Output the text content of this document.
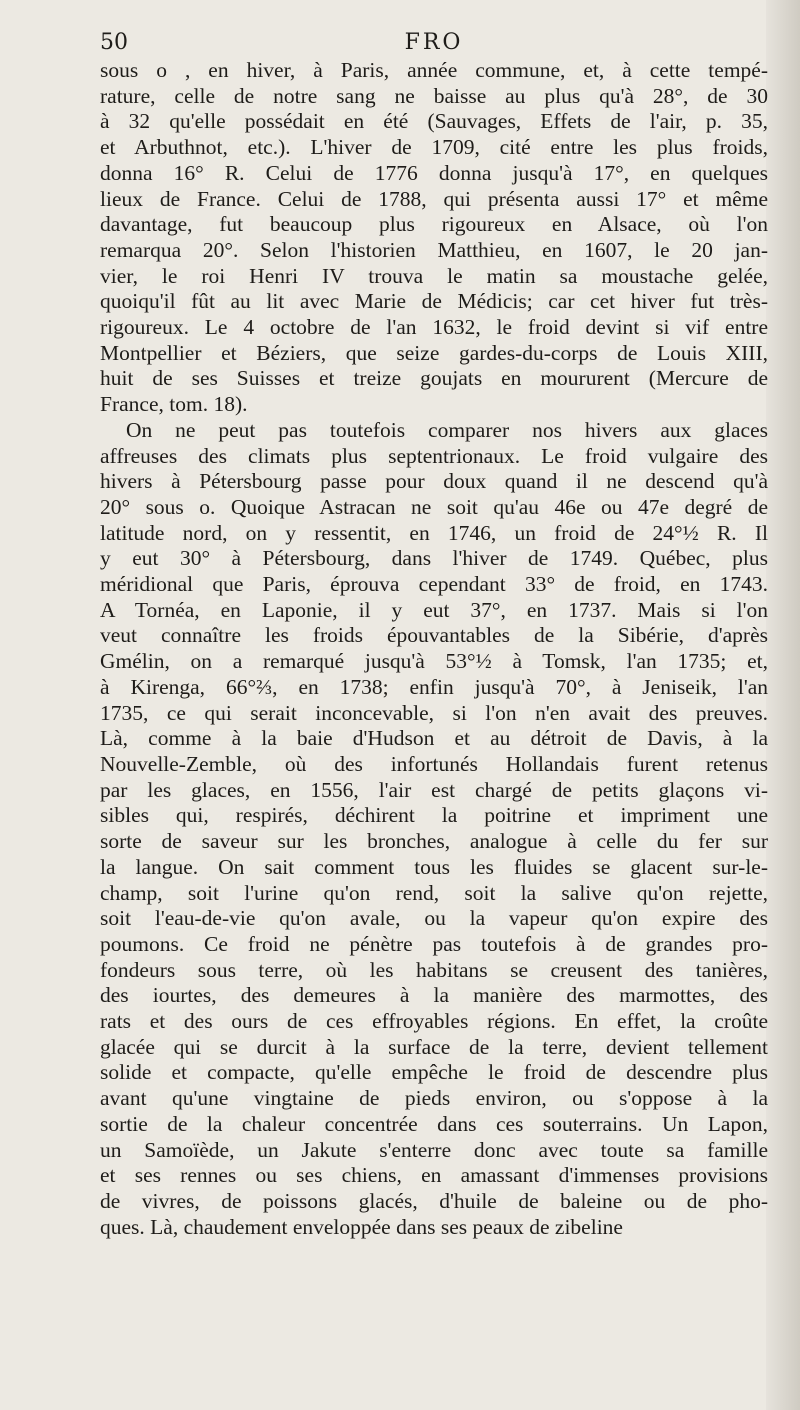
50	FRO

sous o , en hiver, à Paris, année commune, et, à cette tempé-
rature, celle de notre sang ne baisse au plus qu'à 28°, de 30
à 32 qu'elle possédait en été (Sauvages, Effets de l'air, p. 35,
et Arbuthnot, etc.). L'hiver de 1709, cité entre les plus froids,
donna 16° R. Celui de 1776 donna jusqu'à 17°, en quelques
lieux de France. Celui de 1788, qui présenta aussi 17° et même
davantage, fut beaucoup plus rigoureux en Alsace, où l'on
remarqua 20°. Selon l'historien Matthieu, en 1607, le 20 jan-
vier, le roi Henri IV trouva le matin sa moustache gelée,
quoiqu'il fût au lit avec Marie de Médicis; car cet hiver fut très-
rigoureux. Le 4 octobre de l'an 1632, le froid devint si vif entre
Montpellier et Béziers, que seize gardes-du-corps de Louis XIII,
huit de ses Suisses et treize goujats en moururent (Mercure de
France, tom. 18).

On ne peut pas toutefois comparer nos hivers aux glaces
affreuses des climats plus septentrionaux. Le froid vulgaire des
hivers à Pétersbourg passe pour doux quand il ne descend qu'à
20° sous o. Quoique Astracan ne soit qu'au 46e ou 47e degré de
latitude nord, on y ressentit, en 1746, un froid de 24°½ R. Il
y eut 30° à Pétersbourg, dans l'hiver de 1749. Québec, plus
méridional que Paris, éprouva cependant 33° de froid, en 1743.
A Tornéa, en Laponie, il y eut 37°, en 1737. Mais si l'on
veut connaître les froids épouvantables de la Sibérie, d'après
Gmélin, on a remarqué jusqu'à 53°½ à Tomsk, l'an 1735; et,
à Kirenga, 66°⅔, en 1738; enfin jusqu'à 70°, à Jeniseik, l'an
1735, ce qui serait inconcevable, si l'on n'en avait des preuves.
Là, comme à la baie d'Hudson et au détroit de Davis, à la
Nouvelle-Zemble, où des infortunés Hollandais furent retenus
par les glaces, en 1556, l'air est chargé de petits glaçons vi-
sibles qui, respirés, déchirent la poitrine et impriment une
sorte de saveur sur les bronches, analogue à celle du fer sur
la langue. On sait comment tous les fluides se glacent sur-le-
champ, soit l'urine qu'on rend, soit la salive qu'on rejette,
soit l'eau-de-vie qu'on avale, ou la vapeur qu'on expire des
poumons. Ce froid ne pénètre pas toutefois à de grandes pro-
fondeurs sous terre, où les habitans se creusent des tanières,
des iourtes, des demeures à la manière des marmottes, des
rats et des ours de ces effroyables régions. En effet, la croûte
glacée qui se durcit à la surface de la terre, devient tellement
solide et compacte, qu'elle empêche le froid de descendre plus
avant qu'une vingtaine de pieds environ, ou s'oppose à la
sortie de la chaleur concentrée dans ces souterrains. Un Lapon,
un Samoïède, un Jakute s'enterre donc avec toute sa famille
et ses rennes ou ses chiens, en amassant d'immenses provisions
de vivres, de poissons glacés, d'huile de baleine ou de pho-
ques. Là, chaudement enveloppée dans ses peaux de zibeline
